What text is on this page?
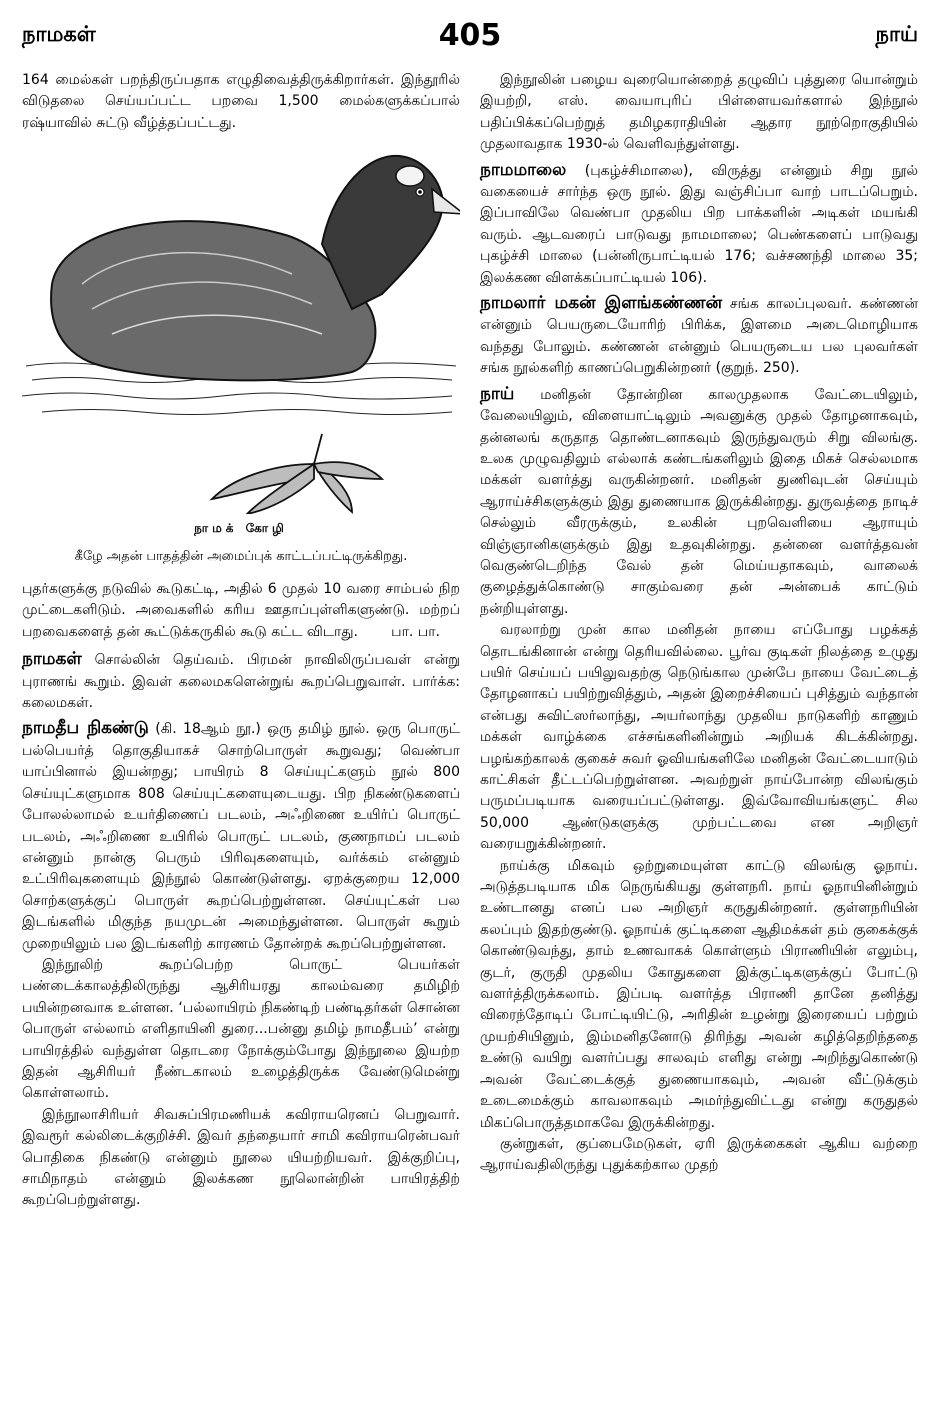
நாமகள்	405	நாய்

164 மைல்கள் பறந்திருப்பதாக எழுதிவைத்திருக்கிறார்கள். இந்தூரில் விடுதலை செய்யப்பட்ட பறவை 1,500 மைல்களுக்கப்பால் ரஷ்யாவில் சுட்டு வீழ்த்தப்பட்டது.

நாமக் கோழி
கீழே அதன் பாதத்தின் அமைப்புக் காட்டப்பட்டிருக்கிறது.

புதர்களுக்கு நடுவில் கூடுகட்டி, அதில் 6 முதல் 10 வரை சாம்பல் நிற முட்டைகளிடும். அவைகளில் கரிய ஊதாப்புள்ளிகளுண்டு. மற்றப் பறவைகளைத் தன் கூட்டுக்கருகில் கூடு கட்ட விடாது. பா. பா.

நாமகள் சொல்லின் தெய்வம். பிரமன் நாவிலிருப்பவள் என்று புராணங் கூறும். இவள் கலைமகளென்றுங் கூறப்பெறுவாள். பார்க்க: கலைமகள்.

நாமதீப நிகண்டு (கி. 18ஆம் நூ.) ஒரு தமிழ் நூல். ஒரு பொருட் பல்பெயர்த் தொகுதியாகச் சொற்பொருள் கூறுவது; வெண்பா யாப்பினால் இயன்றது; பாயிரம் 8 செய்யுட்களும் நூல் 800 செய்யுட்களுமாக 808 செய்யுட்களையுடையது. பிற நிகண்டுகளைப் போலல்லாமல் உயர்திணைப் படலம், அஃறிணை உயிர்ப் பொருட் படலம், அஃறிணை உயிரில் பொருட் படலம், குணநாமப் படலம் என்னும் நான்கு பெரும் பிரிவுகளையும், வர்க்கம் என்னும் உட்பிரிவுகளையும் இந்நூல் கொண்டுள்ளது. ஏறக்குறைய 12,000 சொற்களுக்குப் பொருள் கூறப்பெற்றுள்ளன. செய்யுட்கள் பல இடங்களில் மிகுந்த நயமுடன் அமைந்துள்ளன. பொருள் கூறும் முறையிலும் பல இடங்களிற் காரணம் தோன்றக் கூறப்பெற்றுள்ளன.

இந்நூலிற் கூறப்பெற்ற பொருட் பெயர்கள் பண்டைக்காலத்திலிருந்து ஆசிரியரது காலம்வரை தமிழிற் பயின்றனவாக உள்ளன. ‘பல்லாயிரம் நிகண்டிற் பண்டிதர்கள் சொன்ன பொருள் எல்லாம் எளிதாயினி துரை...பன்னு தமிழ் நாமதீபம்’ என்று பாயிரத்தில் வந்துள்ள தொடரை நோக்கும்போது இந்நூலை இயற்ற இதன் ஆசிரியர் நீண்டகாலம் உழைத்திருக்க வேண்டுமென்று கொள்ளலாம்.

இந்நூலாசிரியர் சிவசுப்பிரமணியக் கவிராயரெனப் பெறுவார். இவரூர் கல்லிடைக்குறிச்சி. இவர் தந்தையார் சாமி கவிராயரென்பவர் பொதிகை நிகண்டு என்னும் நூலை யியற்றியவர். இக்குறிப்பு, சாமிநாதம் என்னும் இலக்கண நூலொன்றின் பாயிரத்திற் கூறப்பெற்றுள்ளது.

இந்நூலின் பழைய வுரையொன்றைத் தழுவிப் புத்துரை யொன்றும் இயற்றி, எஸ். வையாபுரிப் பிள்ளையவர்களால் இந்நூல் பதிப்பிக்கப்பெற்றுத் தமிழகராதியின் ஆதார நூற்றொகுதியில் முதலாவதாக 1930-ல் வெளிவந்துள்ளது.

நாமமாலை (புகழ்ச்சிமாலை), விருத்து என்னும் சிறு நூல் வகையைச் சார்ந்த ஒரு நூல். இது வஞ்சிப்பா வாற் பாடப்பெறும். இப்பாவிலே வெண்பா முதலிய பிற பாக்களின் அடிகள் மயங்கி வரும். ஆடவரைப் பாடுவது நாமமாலை; பெண்களைப் பாடுவது புகழ்ச்சி மாலை (பன்னிருபாட்டியல் 176; வச்சணந்தி மாலை 35; இலக்கண விளக்கப்பாட்டியல் 106).

நாமலார் மகன் இளங்கண்ணன் சங்க காலப்புலவர். கண்ணன் என்னும் பெயருடையோரிற் பிரிக்க, இளமை அடைமொழியாக வந்தது போலும். கண்ணன் என்னும் பெயருடைய பல புலவர்கள் சங்க நூல்களிற் காணப்பெறுகின்றனர் (குறுந். 250).

நாய் மனிதன் தோன்றின காலமுதலாக வேட்டையிலும், வேலையிலும், விளையாட்டிலும் அவனுக்கு முதல் தோழனாகவும், தன்னலங் கருதாத தொண்டனாகவும் இருந்துவரும் சிறு விலங்கு. உலக முழுவதிலும் எல்லாக் கண்டங்களிலும் இதை மிகச் செல்லமாக மக்கள் வளர்த்து வருகின்றனர். மனிதன் துணிவுடன் செய்யும் ஆராய்ச்சிகளுக்கும் இது துணையாக இருக்கின்றது. துருவத்தை நாடிச் செல்லும் வீரருக்கும், உலகின் புறவெளியை ஆராயும் விஞ்ஞானிகளுக்கும் இது உதவுகின்றது. தன்னை வளர்த்தவன் வெகுண்டெறிந்த வேல் தன் மெய்யதாகவும், வாலைக் குழைத்துக்கொண்டு சாகும்வரை தன் அன்பைக் காட்டும் நன்றியுள்ளது.

வரலாற்று முன் கால மனிதன் நாயை எப்போது பழக்கத் தொடங்கினான் என்று தெரியவில்லை. பூர்வ குடிகள் நிலத்தை உழுது பயிர் செய்யப் பயிலுவதற்கு நெடுங்கால முன்பே நாயை வேட்டைத் தோழனாகப் பயிற்றுவித்தும், அதன் இறைச்சியைப் புசித்தும் வந்தான் என்பது சுவிட்ஸர்லாந்து, அயர்லாந்து முதலிய நாடுகளிற் காணும் மக்கள் வாழ்க்கை எச்சங்களினின்றும் அறியக் கிடக்கின்றது. பழங்கற்காலக் குகைச் சுவர் ஓவியங்களிலே மனிதன் வேட்டையாடும் காட்சிகள் தீட்டப்பெற்றுள்ளன. அவற்றுள் நாய்போன்ற விலங்கும் பருமப்படியாக வரையப்பட்டுள்ளது. இவ்வோவியங்களுட் சில 50,000 ஆண்டுகளுக்கு முற்பட்டவை என அறிஞர் வரையறுக்கின்றனர்.

நாய்க்கு மிகவும் ஒற்றுமையுள்ள காட்டு விலங்கு ஓநாய். அடுத்தபடியாக மிக நெருங்கியது குள்ளநரி. நாய் ஓநாயினின்றும் உண்டானது எனப் பல அறிஞர் கருதுகின்றனர். குள்ளநரியின் கலப்பும் இதற்குண்டு. ஓநாய்க் குட்டிகளை ஆதிமக்கள் தம் குகைக்குக் கொண்டுவந்து, தாம் உணவாகக் கொள்ளும் பிராணியின் எலும்பு, குடர், குருதி முதலிய கோதுகளை இக்குட்டிகளுக்குப் போட்டு வளர்த்திருக்கலாம். இப்படி வளர்த்த பிராணி தானே தனித்து விரைந்தோடிப் போட்டியிட்டு, அரிதின் உழன்று இரையைப் பற்றும் முயற்சியினும், இம்மனிதனோடு திரிந்து அவன் கழித்தெறிந்ததை உண்டு வயிறு வளர்ப்பது சாலவும் எளிது என்று அறிந்துகொண்டு அவன் வேட்டைக்குத் துணையாகவும், அவன் வீட்டுக்கும் உடைமைக்கும் காவலாகவும் அமர்ந்துவிட்டது என்று கருதுதல் மிகப்பொருத்தமாகவே இருக்கின்றது.

குன்றுகள், குப்பைமேடுகள், ஏரி இருக்கைகள் ஆகிய வற்றை ஆராய்வதிலிருந்து புதுக்கற்கால முதற்
